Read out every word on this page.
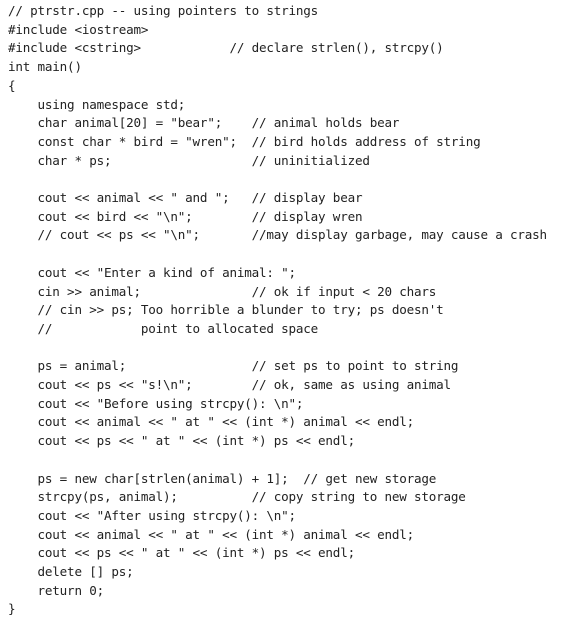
// ptrstr.cpp -- using pointers to strings
#include <iostream>
#include <cstring>            // declare strlen(), strcpy()
int main()
{
using namespace std;
char animal[20] = "bear";    // animal holds bear
const char * bird = "wren";  // bird holds address of string
char * ps;                   // uninitialized
cout << animal << " and ";   // display bear
cout << bird << "\n";        // display wren
// cout << ps << "\n";       //may display garbage, may cause a crash
cout << "Enter a kind of animal: ";
cin >> animal;               // ok if input < 20 chars
// cin >> ps; Too horrible a blunder to try; ps doesn't
//            point to allocated space
ps = animal;                 // set ps to point to string
cout << ps << "s!\n";        // ok, same as using animal
cout << "Before using strcpy(): \n";
cout << animal << " at " << (int *) animal << endl;
cout << ps << " at " << (int *) ps << endl;
ps = new char[strlen(animal) + 1];  // get new storage
strcpy(ps, animal);          // copy string to new storage
cout << "After using strcpy(): \n";
cout << animal << " at " << (int *) animal << endl;
cout << ps << " at " << (int *) ps << endl;
delete [] ps;
return 0;
}
